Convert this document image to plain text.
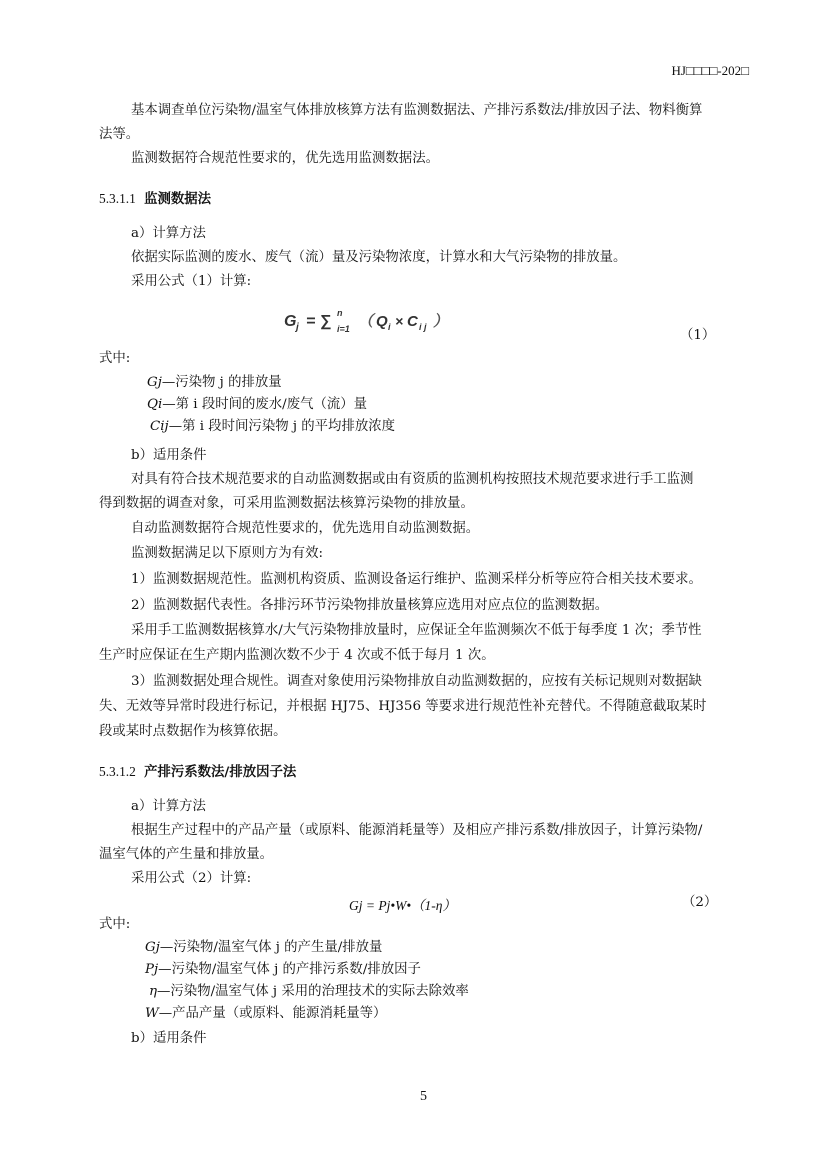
HJ□□□□-202□
基本调查单位污染物/温室气体排放核算方法有监测数据法、产排污系数法/排放因子法、物料衡算
法等。
监测数据符合规范性要求的，优先选用监测数据法。
5.3.1.1 监测数据法
a）计算方法
依据实际监测的废水、废气（流）量及污染物浓度，计算水和大气污染物的排放量。
采用公式（1）计算:
G j = ∑ n
i=1 （ Q i × C i j ）
（1）
式中:
Gj—污染物 j 的排放量
Qi—第 i 段时间的废水/废气（流）量
Cij—第 i 段时间污染物 j 的平均排放浓度
b）适用条件
对具有符合技术规范要求的自动监测数据或由有资质的监测机构按照技术规范要求进行手工监测
得到数据的调查对象，可采用监测数据法核算污染物的排放量。
自动监测数据符合规范性要求的，优先选用自动监测数据。
监测数据满足以下原则方为有效:
1）监测数据规范性。监测机构资质、监测设备运行维护、监测采样分析等应符合相关技术要求。
2）监测数据代表性。各排污环节污染物排放量核算应选用对应点位的监测数据。
采用手工监测数据核算水/大气污染物排放量时，应保证全年监测频次不低于每季度 1 次；季节性
生产时应保证在生产期内监测次数不少于 4 次或不低于每月 1 次。
3）监测数据处理合规性。调查对象使用污染物排放自动监测数据的，应按有关标记规则对数据缺
失、无效等异常时段进行标记，并根据 HJ75、HJ356 等要求进行规范性补充替代。不得随意截取某时
段或某时点数据作为核算依据。
5.3.1.2 产排污系数法/排放因子法
a）计算方法
根据生产过程中的产品产量（或原料、能源消耗量等）及相应产排污系数/排放因子，计算污染物/
温室气体的产生量和排放量。
采用公式（2）计算:
Gj = Pj•W•（1-η）	（2）
式中:
Gj—污染物/温室气体 j 的产生量/排放量
Pj—污染物/温室气体 j 的产排污系数/排放因子
η—污染物/温室气体 j 采用的治理技术的实际去除效率
W—产品产量（或原料、能源消耗量等）
b）适用条件
5
